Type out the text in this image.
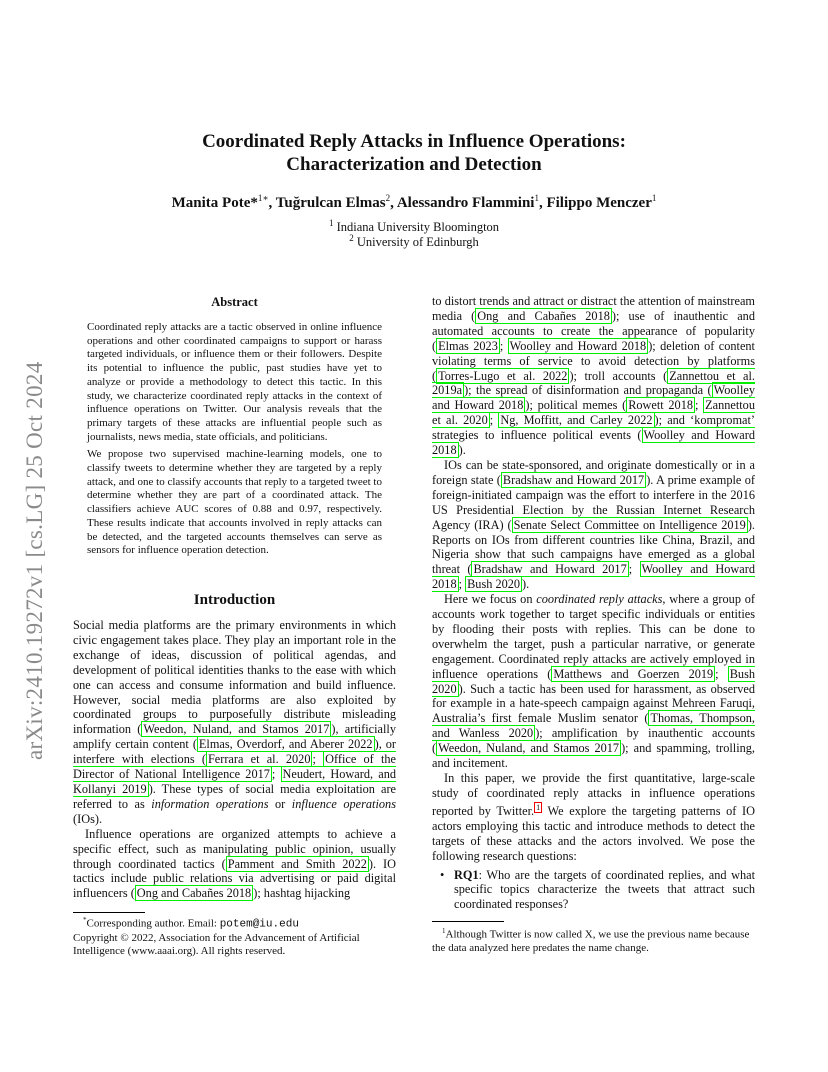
arXiv:2410.19272v1 [cs.LG] 25 Oct 2024
Coordinated Reply Attacks in Influence Operations:
Characterization and Detection
Manita Pote*$^{1∗}$, Tuğrulcan Elmas$^2$, Alessandro Flammini$^1$, Filippo Menczer$^1$
$^1$ Indiana University Bloomington
$^2$ University of Edinburgh
Abstract

Coordinated reply attacks are a tactic observed in online influence operations and other coordinated campaigns to support or harass targeted individuals, or influence them or their followers. Despite its potential to influence the public, past studies have yet to analyze or provide a methodology to detect this tactic. In this study, we characterize coordinated reply attacks in the context of influence operations on Twitter. Our analysis reveals that the primary targets of these attacks are influential people such as journalists, news media, state officials, and politicians.

We propose two supervised machine-learning models, one to classify tweets to determine whether they are targeted by a reply attack, and one to classify accounts that reply to a targeted tweet to determine whether they are part of a coordinated attack. The classifiers achieve AUC scores of 0.88 and 0.97, respectively. These results indicate that accounts involved in reply attacks can be detected, and the targeted accounts themselves can serve as sensors for influence operation detection.

Introduction

Social media platforms are the primary environments in which civic engagement takes place. They play an important role in the exchange of ideas, discussion of political agendas, and development of political identities thanks to the ease with which one can access and consume information and build influence. However, social media platforms are also exploited by coordinated groups to purposefully distribute misleading information ( Weedon, Nuland, and Stamos 2017 ), artificially amplify certain content ( Elmas, Overdorf, and Aberer 2022 ), or interfere with elections ( Ferrara et al. 2020 ; Office of the Director of National Intelligence 2017 ; Neudert, Howard, and Kollanyi 2019 ). These types of social media exploitation are referred to as information operations or influence operations (IOs).

Influence operations are organized attempts to achieve a specific effect, such as manipulating public opinion, usually through coordinated tactics ( Pamment and Smith 2022 ). IO tactics include public relations via advertising or paid digital influencers ( Ong and Cabañes 2018 ); hashtag hijacking

to distort trends and attract or distract the attention of mainstream media ( Ong and Cabañes 2018 ); use of inauthentic and automated accounts to create the appearance of popularity ( Elmas 2023 ; Woolley and Howard 2018 ); deletion of content violating terms of service to avoid detection by platforms ( Torres-Lugo et al. 2022 ); troll accounts ( Zannettou et al. 2019a ); the spread of disinformation and propaganda ( Woolley and Howard 2018 ); political memes ( Rowett 2018 ; Zannettou et al. 2020 ; Ng, Moffitt, and Carley 2022 ); and ‘kompromat’ strategies to influence political events ( Woolley and Howard 2018 ).

IOs can be state-sponsored, and originate domestically or in a foreign state ( Bradshaw and Howard 2017 ). A prime example of foreign-initiated campaign was the effort to interfere in the 2016 US Presidential Election by the Russian Internet Research Agency (IRA) ( Senate Select Committee on Intelligence 2019 ). Reports on IOs from different countries like China, Brazil, and Nigeria show that such campaigns have emerged as a global threat ( Bradshaw and Howard 2017 ; Woolley and Howard 2018 ; Bush 2020 ).

Here we focus on coordinated reply attacks, where a group of accounts work together to target specific individuals or entities by flooding their posts with replies. This can be done to overwhelm the target, push a particular narrative, or generate engagement. Coordinated reply attacks are actively employed in influence operations ( Matthews and Goerzen 2019 ; Bush 2020 ). Such a tactic has been used for harassment, as observed for example in a hate-speech campaign against Mehreen Faruqi, Australia’s first female Muslim senator ( Thomas, Thompson, and Wanless 2020 ); amplification by inauthentic accounts ( Weedon, Nuland, and Stamos 2017 ); and spamming, trolling, and incitement.

In this paper, we provide the first quantitative, large-scale study of coordinated reply attacks in influence operations reported by Twitter. $^1$ We explore the targeting patterns of IO actors employing this tactic and introduce methods to detect the targets of these attacks and the actors involved. We pose the following research questions:

• RQ1: Who are the targets of coordinated replies, and what specific topics characterize the tweets that attract such coordinated responses?
*Corresponding author. Email: potem@iu.edu
Copyright © 2022, Association for the Advancement of Artificial Intelligence (www.aaai.org). All rights reserved.
$^1$Although Twitter is now called X, we use the previous name because the data analyzed here predates the name change.
